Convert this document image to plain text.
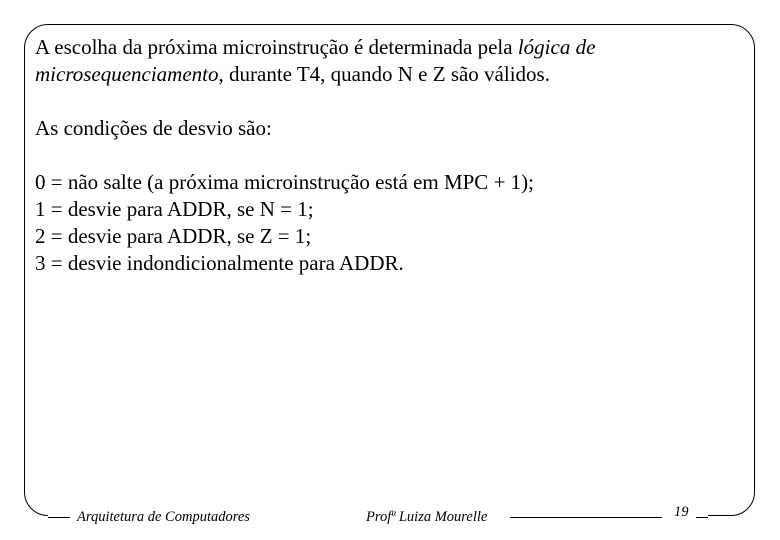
A escolha da próxima microinstrução é determinada pela lógica de
microsequenciamento, durante T4, quando N e Z são válidos.

As condições de desvio são:

0 = não salte (a próxima microinstrução está em MPC + 1);
1 = desvie para ADDR, se N = 1;
2 = desvie para ADDR, se Z = 1;
3 = desvie indondicionalmente para ADDR.

Arquitetura de Computadores	Profª Luiza Mourelle	19
